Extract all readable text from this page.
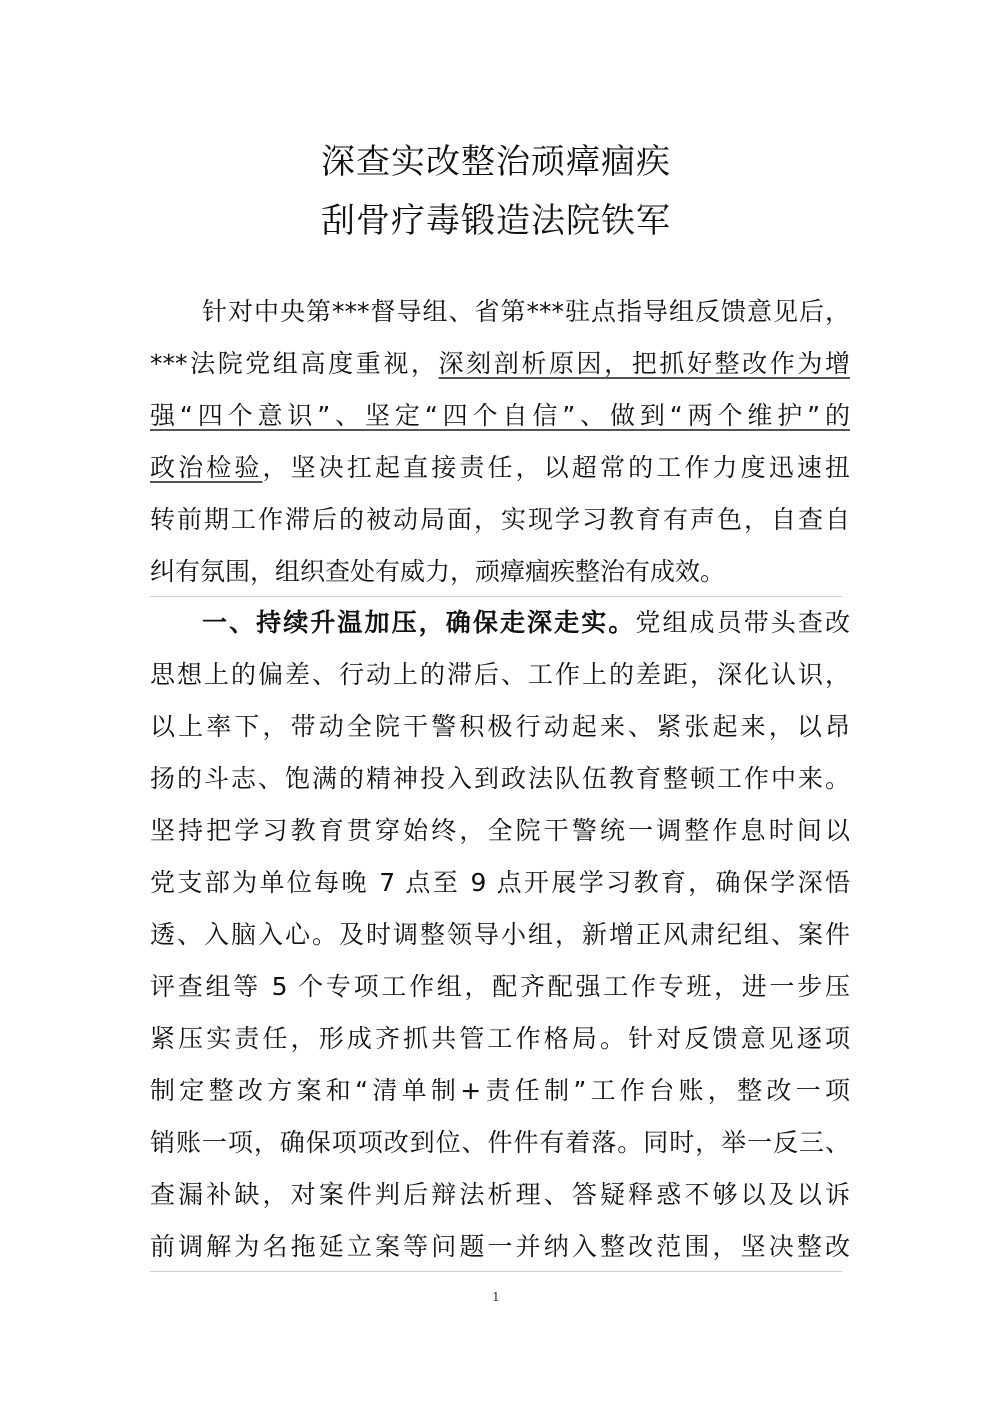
深查实改整治顽瘴痼疾
刮骨疗毒锻造法院铁军
针对中央第***督导组、省第***驻点指导组反馈意见后，
***法院党组高度重视，深刻剖析原因，把抓好整改作为增
强“四个意识”、坚定“四个自信”、做到“两个维护”的
政治检验，坚决扛起直接责任，以超常的工作力度迅速扭
转前期工作滞后的被动局面，实现学习教育有声色，自查自
纠有氛围，组织查处有威力，顽瘴痼疾整治有成效。
一、持续升温加压，确保走深走实。党组成员带头查改
思想上的偏差、行动上的滞后、工作上的差距，深化认识，
以上率下，带动全院干警积极行动起来、紧张起来，以昂
扬的斗志、饱满的精神投入到政法队伍教育整顿工作中来。
坚持把学习教育贯穿始终，全院干警统一调整作息时间以
党支部为单位每晚 7 点至 9 点开展学习教育，确保学深悟
透、入脑入心。及时调整领导小组，新增正风肃纪组、案件
评查组等 5 个专项工作组，配齐配强工作专班，进一步压
紧压实责任，形成齐抓共管工作格局。针对反馈意见逐项
制定整改方案和“清单制+责任制”工作台账，整改一项
销账一项，确保项项改到位、件件有着落。同时，举一反三、
查漏补缺，对案件判后辩法析理、答疑释惑不够以及以诉
前调解为名拖延立案等问题一并纳入整改范围，坚决整改
1
